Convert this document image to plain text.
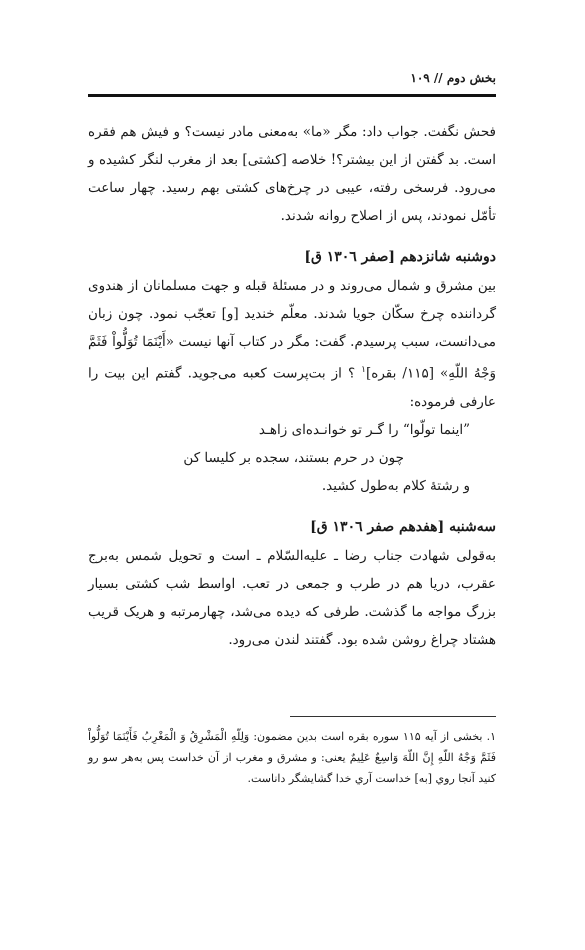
بخش دوم // ۱۰۹

فحش نگفت. جواب داد: مگر «ما» به‌معنی مادر نیست؟ و فیش هم فقره است. بد گفتن از این بیشتر؟! خلاصه [کشتی] بعد از مغرب لنگر کشیده و می‌رود. فرسخی رفته، عیبی در چرخ‌های کشتی بهم رسید. چهار ساعت تأمّل نمودند، پس از اصلاح روانه شدند.

دوشنبه شانزدهم [صفر ۱۳۰٦ ق]

بین مشرق و شمال می‌روند و در مسئلهٔ قبله و جهت مسلمانان از هندوی گرداننده چرخ سکّان جویا شدند. معلّم خندید [و] تعجّب نمود. چون زبان می‌دانست، سبب پرسیدم. گفت: مگر در کتاب آنها نیست «أَيْنَمَا تُوَلُّواْ فَثَمَّ وَجْهُ اللّهِ» [۱۱۵/ بقره]$^۱$ ؟ از بت‌پرست کعبه می‌جوید. گفتم این بیت را عارفی فرموده:

”اینما تولّوا“ را گـر تو خوانـده‌ای زاهـد
چون در حرم بستند، سجده بر کلیسا کن
و رشتهٔ کلام به‌طول کشید.
سه‌شنبه [هفدهم صفر ۱۳۰٦ ق]

به‌قولی شهادت جناب رضا ـ علیه‌السّلام ـ است و تحویل شمس به‌برج عقرب، دریا هم در طرب و جمعی در تعب. اواسط شب کشتی بسیار بزرگ مواجه ما گذشت. طرفی که دیده می‌شد، چهارمرتبه و هریک قریب هشتاد چراغ روشن شده بود. گفتند لندن می‌رود.

۱. بخشی از آیه ۱۱۵ سوره بقره است بدین مضمون: وَلِلّهِ الْمَشْرِقُ وَ الْمَغْرِبُ فَأَيْنَمَا تُوَلُّواْ فَثَمَّ وَجْهُ اللّهِ إِنَّ اللّهَ وَاسِعٌ عَلِيمٌ یعنی: و مشرق و مغرب از آن خداست پس به‌هر سو رو کنید آنجا روي [به] خداست آري خدا گشایشگر داناست.
